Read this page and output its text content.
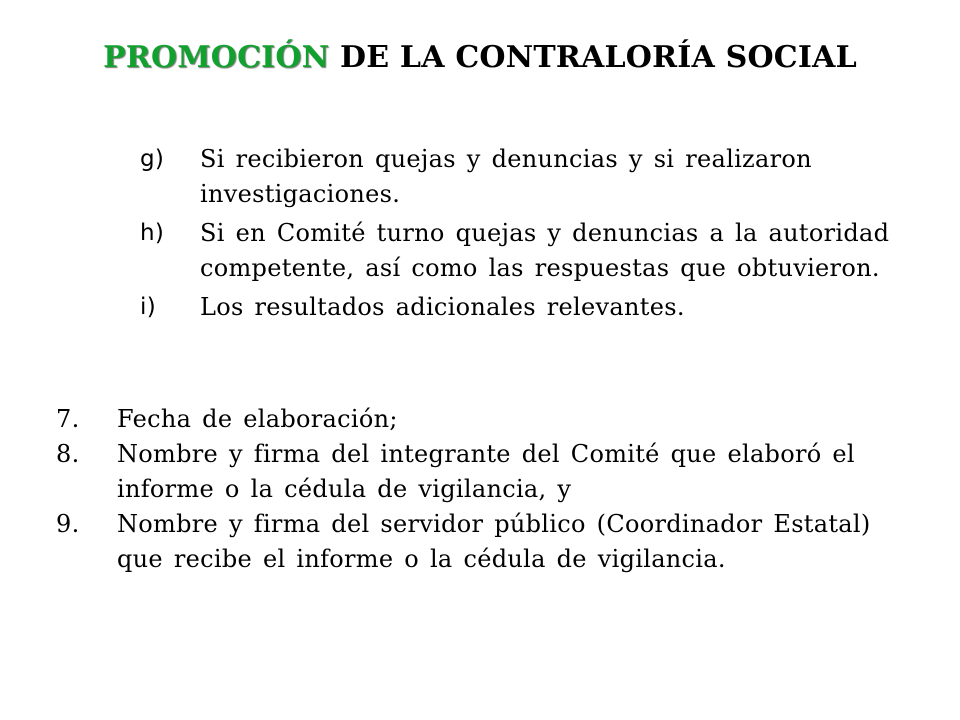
PROMOCIÓN DE LA CONTRALORÍA SOCIAL
g)	Si recibieron quejas y denuncias y si realizaron investigaciones.
h)	Si en Comité turno quejas y denuncias a la autoridad competente, así como las respuestas que obtuvieron.
i)	Los resultados adicionales relevantes.
7.	Fecha de elaboración;
8.	Nombre y firma del integrante del Comité que elaboró el informe o la cédula de vigilancia, y
9.	Nombre y firma del servidor público (Coordinador Estatal) que recibe el informe o la cédula de vigilancia.
